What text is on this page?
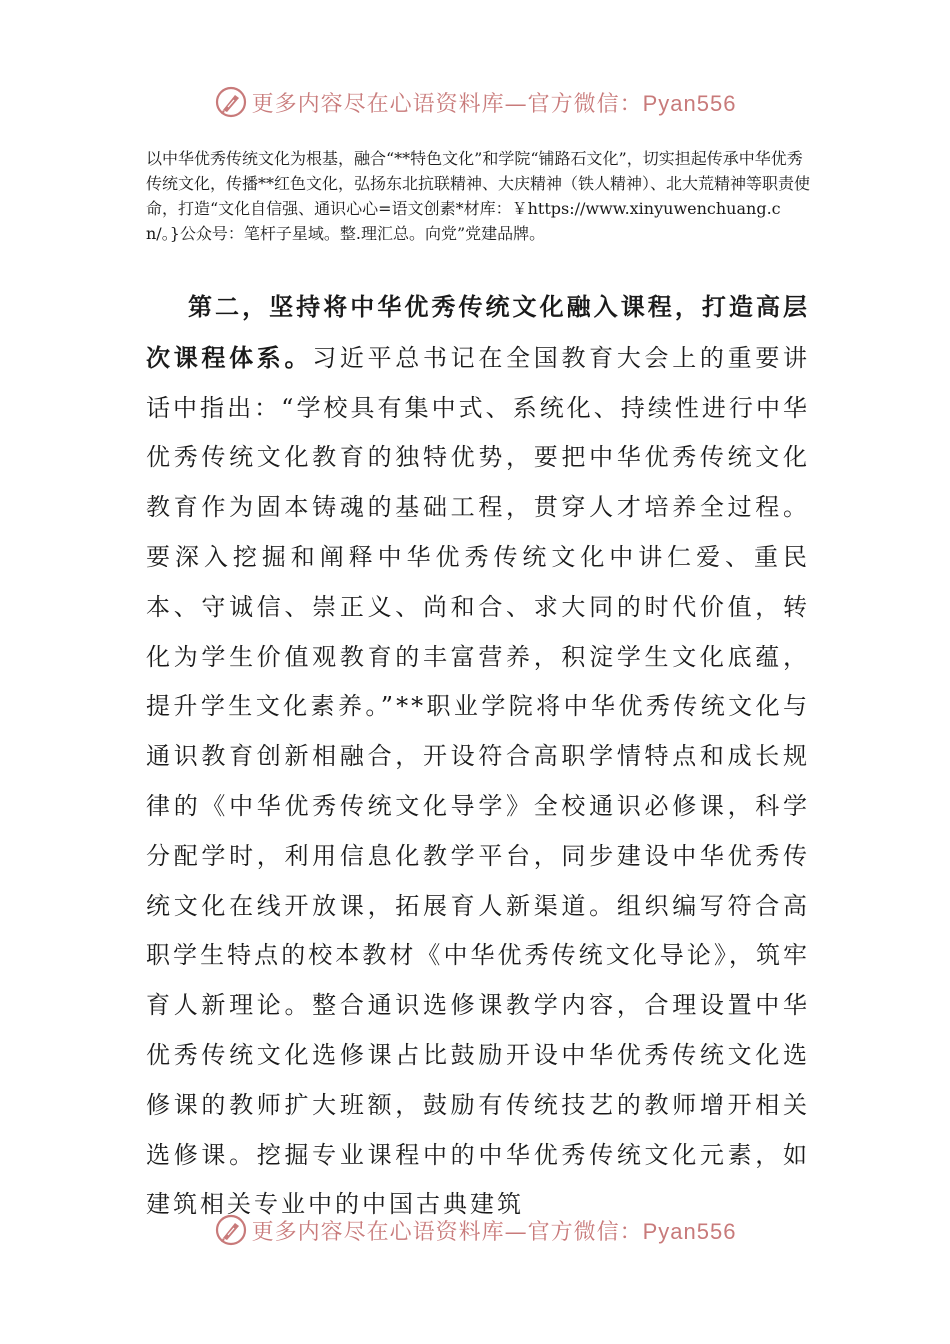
更多内容尽在心语资料库—官方微信：Pyan556

以中华优秀传统文化为根基，融合“**特色文化”和学院“铺路石文化”，切实担起传承中华优秀传统文化，传播**红色文化，弘扬东北抗联精神、大庆精神（铁人精神）、北大荒精神等职责使命，打造“文化自信强、通识心心=语文创素*材库：￥https://www.xinyuwenchuang.cn/。}公众号：笔杆子星域。整.理汇总。向党”党建品牌。

第二，坚持将中华优秀传统文化融入课程，打造高层次课程体系。习近平总书记在全国教育大会上的重要讲话中指出：“学校具有集中式、系统化、持续性进行中华优秀传统文化教育的独特优势，要把中华优秀传统文化教育作为固本铸魂的基础工程，贯穿人才培养全过程。要深入挖掘和阐释中华优秀传统文化中讲仁爱、重民本、守诚信、崇正义、尚和合、求大同的时代价值，转化为学生价值观教育的丰富营养，积淀学生文化底蕴，提升学生文化素养。”**职业学院将中华优秀传统文化与通识教育创新相融合，开设符合高职学情特点和成长规律的《中华优秀传统文化导学》全校通识必修课，科学分配学时，利用信息化教学平台，同步建设中华优秀传统文化在线开放课，拓展育人新渠道。组织编写符合高职学生特点的校本教材《中华优秀传统文化导论》，筑牢育人新理论。整合通识选修课教学内容，合理设置中华优秀传统文化选修课占比鼓励开设中华优秀传统文化选修课的教师扩大班额，鼓励有传统技艺的教师增开相关选修课。挖掘专业课程中的中华优秀传统文化元素，如建筑相关专业中的中国古典建筑

更多内容尽在心语资料库—官方微信：Pyan556
